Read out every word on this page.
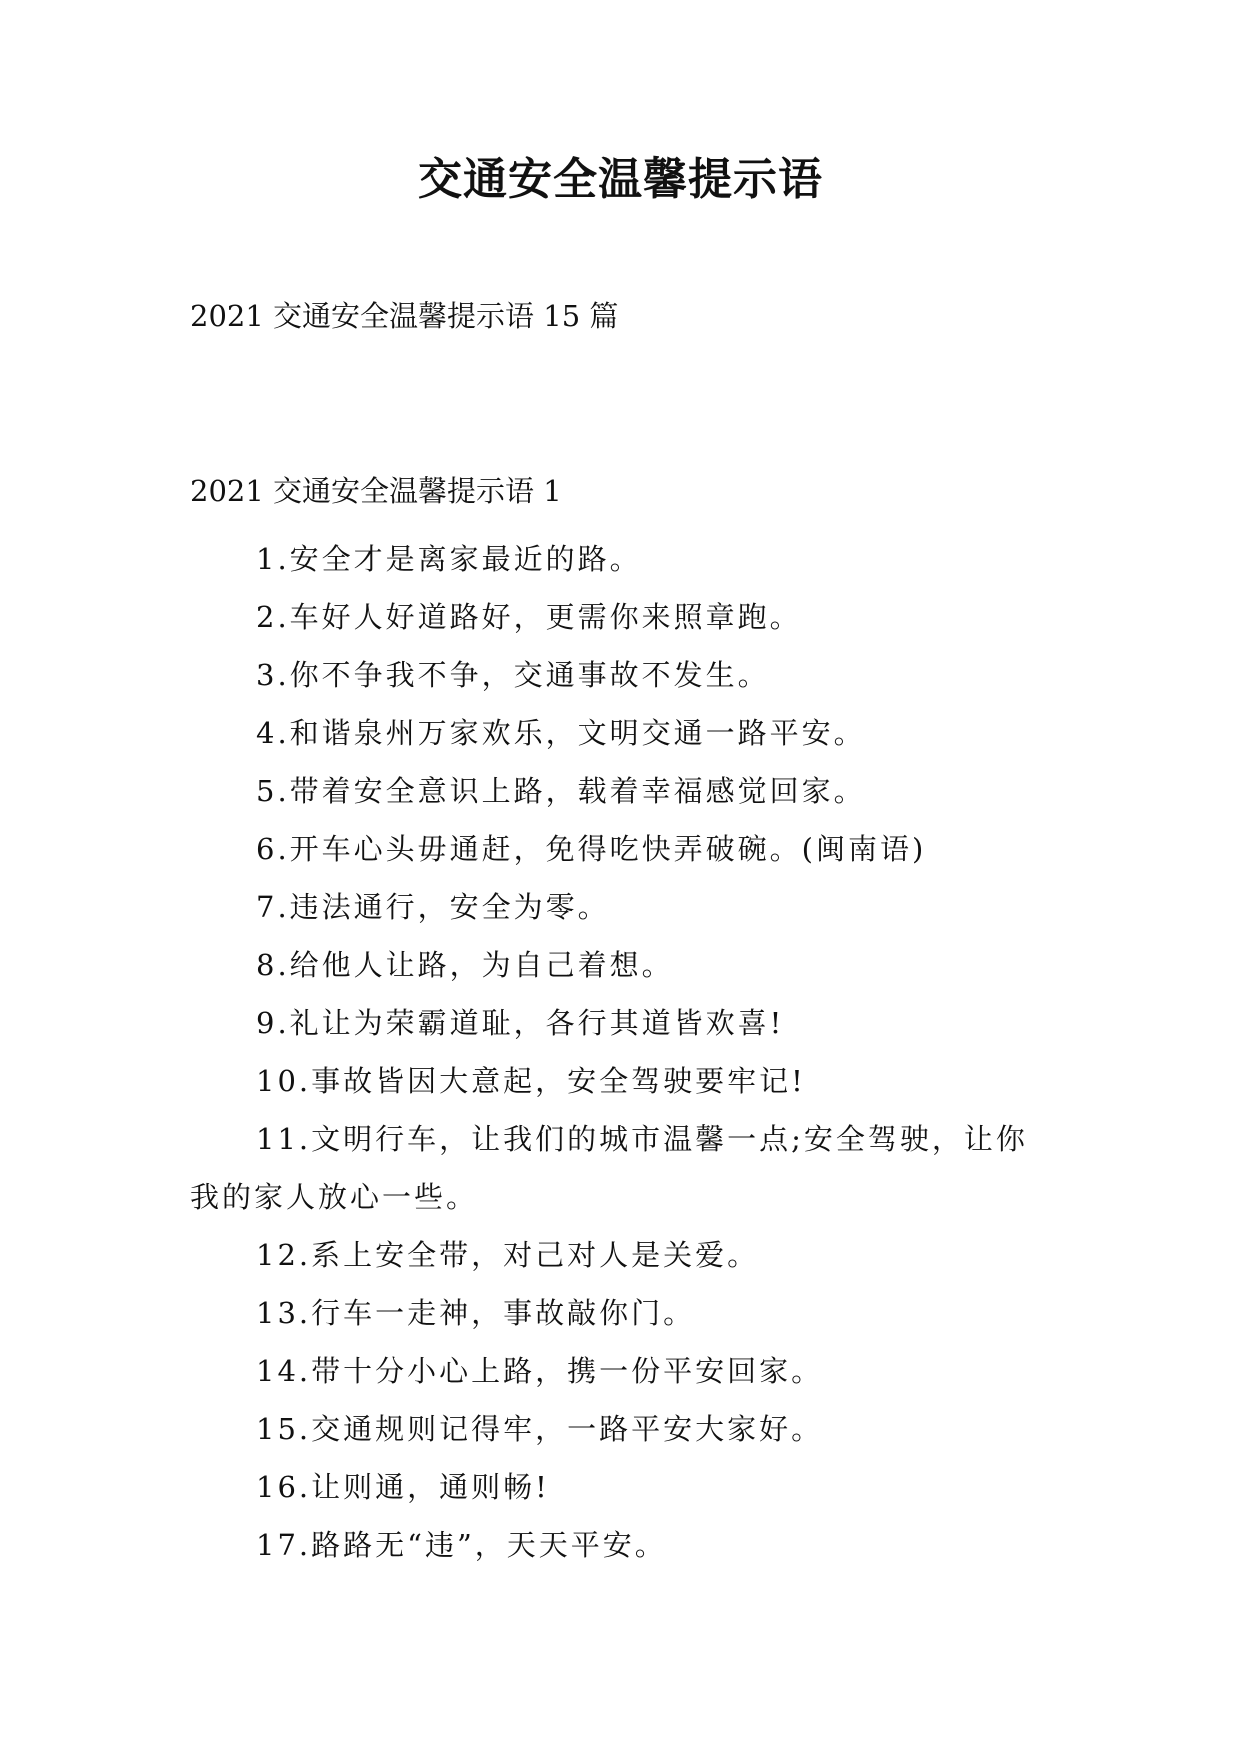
交通安全温馨提示语
2021 交通安全温馨提示语 15 篇
2021 交通安全温馨提示语 1
1.安全才是离家最近的路。
2.车好人好道路好，更需你来照章跑。
3.你不争我不争，交通事故不发生。
4.和谐泉州万家欢乐，文明交通一路平安。
5.带着安全意识上路，载着幸福感觉回家。
6.开车心头毋通赶，免得吃快弄破碗。(闽南语)
7.违法通行，安全为零。
8.给他人让路，为自己着想。
9.礼让为荣霸道耻，各行其道皆欢喜!
10.事故皆因大意起，安全驾驶要牢记!
11.文明行车，让我们的城市温馨一点;安全驾驶，让你我的家人放心一些。
12.系上安全带，对己对人是关爱。
13.行车一走神，事故敲你门。
14.带十分小心上路，携一份平安回家。
15.交通规则记得牢，一路平安大家好。
16.让则通，通则畅!
17.路路无“违”，天天平安。
